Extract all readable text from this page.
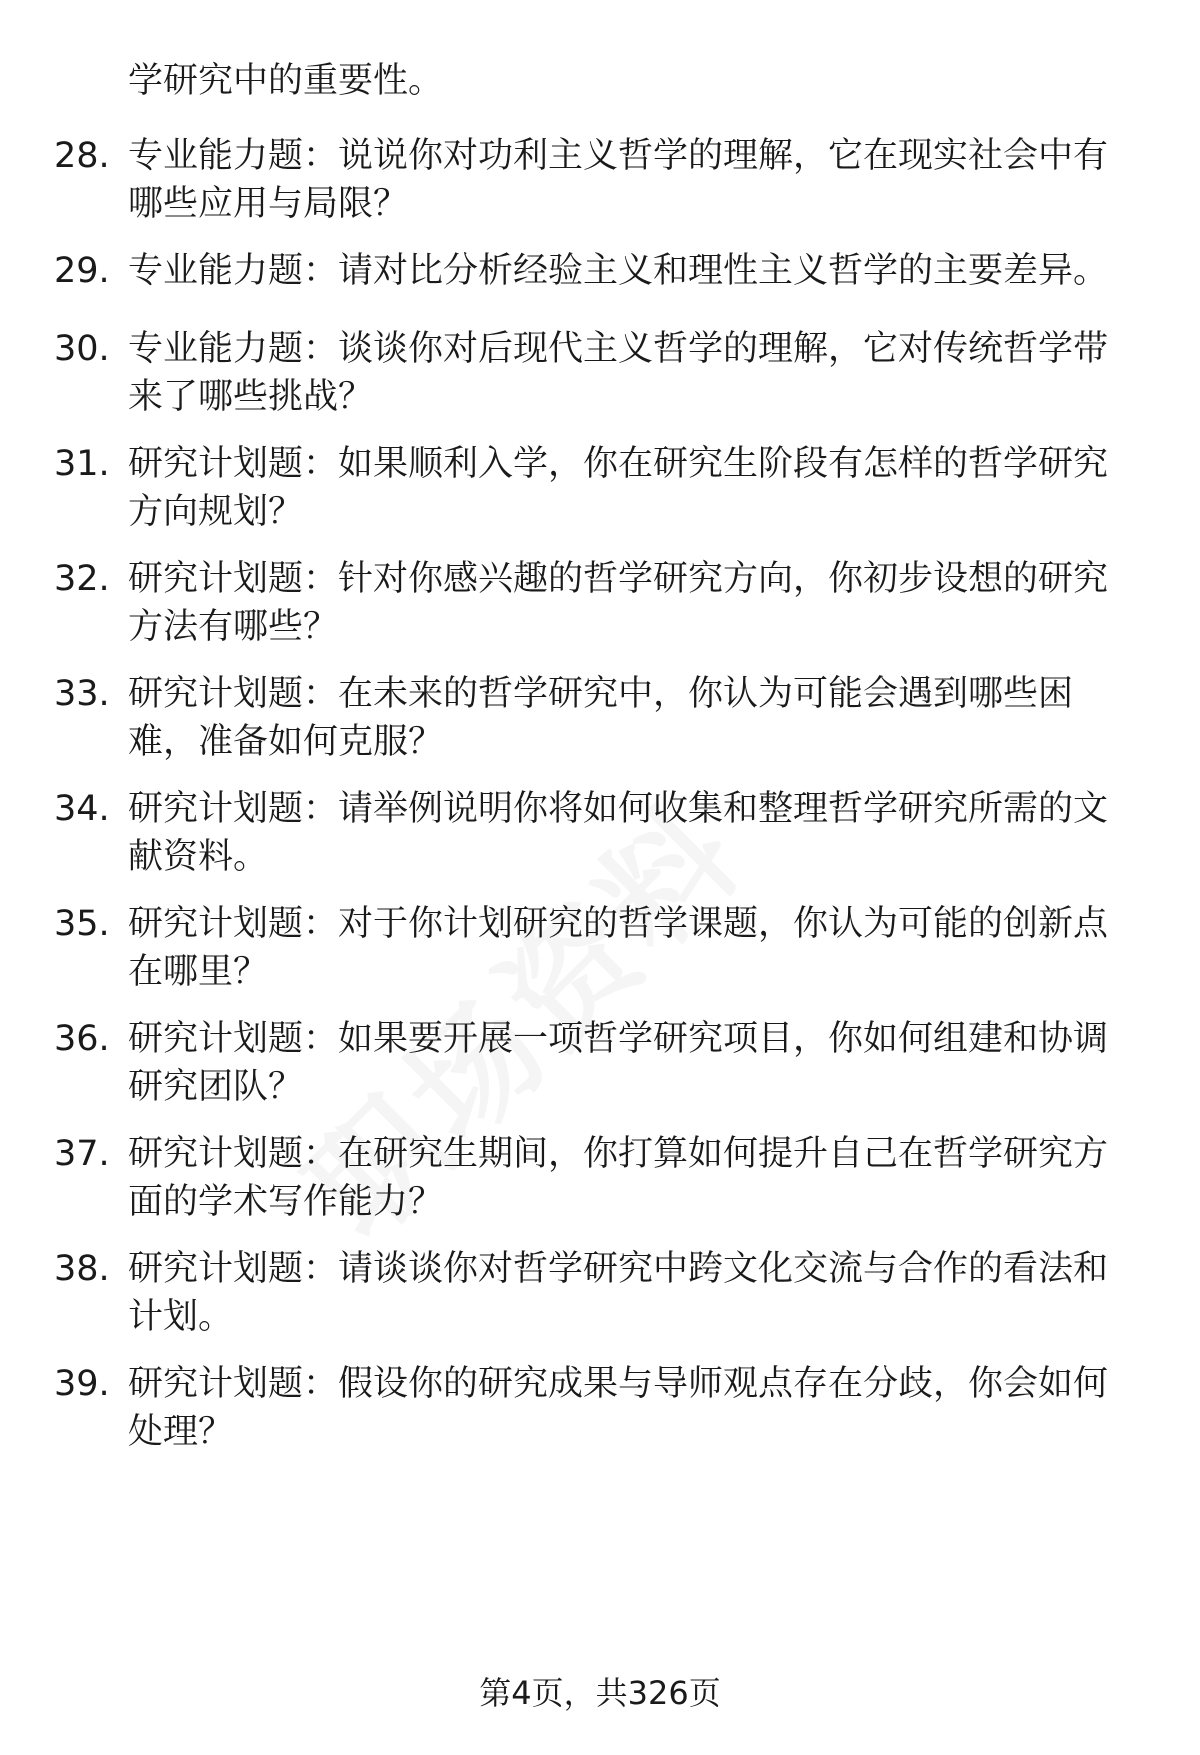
学研究中的重要性。
28. 专业能力题：说说你对功利主义哲学的理解，它在现实社会中有
哪些应用与局限？
29. 专业能力题：请对比分析经验主义和理性主义哲学的主要差异。
30. 专业能力题：谈谈你对后现代主义哲学的理解，它对传统哲学带
来了哪些挑战？
31. 研究计划题：如果顺利入学，你在研究生阶段有怎样的哲学研究
方向规划？
32. 研究计划题：针对你感兴趣的哲学研究方向，你初步设想的研究
方法有哪些？
33. 研究计划题：在未来的哲学研究中，你认为可能会遇到哪些困
难，准备如何克服？
34. 研究计划题：请举例说明你将如何收集和整理哲学研究所需的文
献资料。
35. 研究计划题：对于你计划研究的哲学课题，你认为可能的创新点
在哪里？
36. 研究计划题：如果要开展一项哲学研究项目，你如何组建和协调
研究团队？
37. 研究计划题：在研究生期间，你打算如何提升自己在哲学研究方
面的学术写作能力？
38. 研究计划题：请谈谈你对哲学研究中跨文化交流与合作的看法和
计划。
39. 研究计划题：假设你的研究成果与导师观点存在分歧，你会如何
处理？
第4页，共326页
